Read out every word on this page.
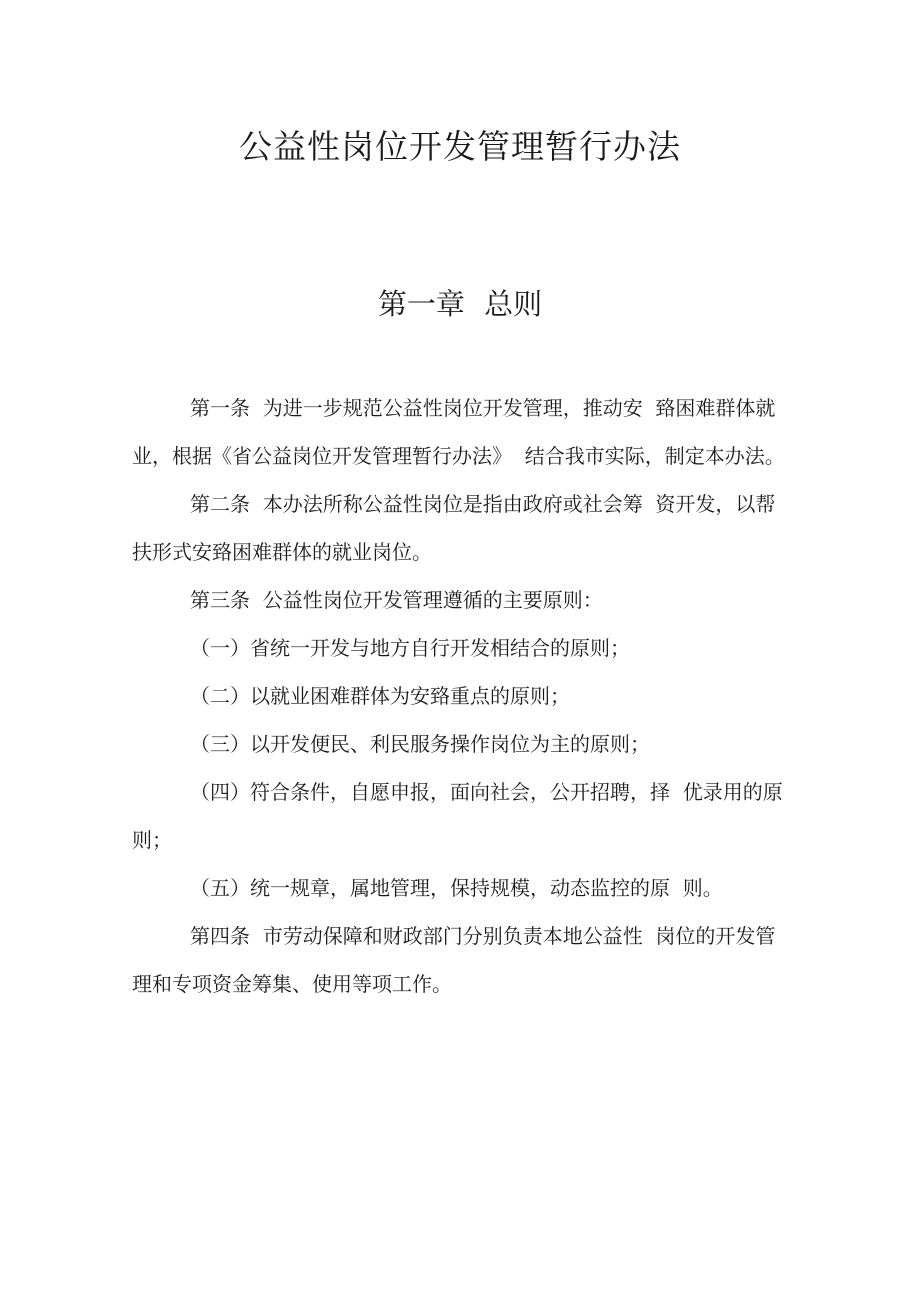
公益性岗位开发管理暂行办法
第一章 总则

第一条  为进一步规范公益性岗位开发管理，推动安  臵困难群体就业，根据《省公益岗位开发管理暂行办法》  结合我市实际，制定本办法。

第二条  本办法所称公益性岗位是指由政府或社会筹  资开发，以帮扶形式安臵困难群体的就业岗位。

第三条  公益性岗位开发管理遵循的主要原则：

（一）省统一开发与地方自行开发相结合的原则；

（二）以就业困难群体为安臵重点的原则；

（三）以开发便民、利民服务操作岗位为主的原则；

（四）符合条件，自愿申报，面向社会，公开招聘，择  优录用的原则；

（五）统一规章，属地管理，保持规模，动态监控的原  则。

第四条  市劳动保障和财政部门分别负责本地公益性  岗位的开发管理和专项资金筹集、使用等项工作。
